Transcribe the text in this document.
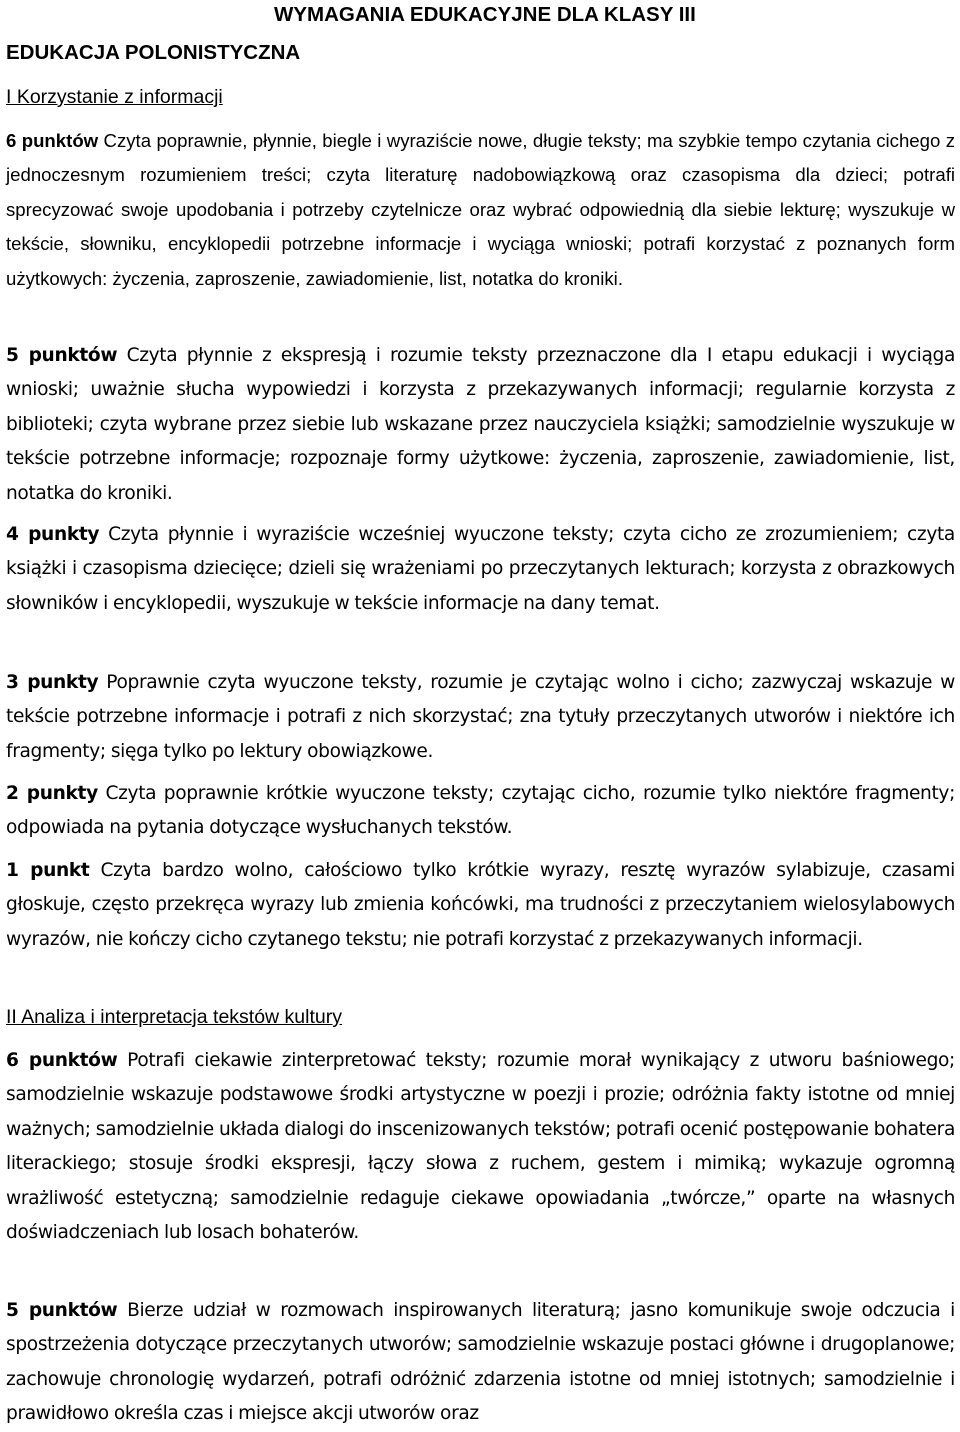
WYMAGANIA EDUKACYJNE DLA KLASY III
EDUKACJA POLONISTYCZNA
I Korzystanie z informacji

6 punktów Czyta poprawnie, płynnie, biegle i wyraziście nowe, długie teksty; ma szybkie tempo czytania cichego z jednoczesnym rozumieniem treści; czyta literaturę nadobowiązkową oraz czasopisma dla dzieci; potrafi sprecyzować swoje upodobania i potrzeby czytelnicze oraz wybrać odpowiednią dla siebie lekturę; wyszukuje w tekście, słowniku, encyklopedii potrzebne informacje i wyciąga wnioski; potrafi korzystać z poznanych form użytkowych: życzenia, zaproszenie, zawiadomienie, list, notatka do kroniki.

5 punktów Czyta płynnie z ekspresją i rozumie teksty przeznaczone dla I etapu edukacji i wyciąga wnioski; uważnie słucha wypowiedzi i korzysta z przekazywanych informacji; regularnie korzysta z biblioteki; czyta wybrane przez siebie lub wskazane przez nauczyciela książki; samodzielnie wyszukuje w tekście potrzebne informacje; rozpoznaje formy użytkowe: życzenia, zaproszenie, zawiadomienie, list, notatka do kroniki.

4 punkty Czyta płynnie i wyraziście wcześniej wyuczone teksty; czyta cicho ze zrozumieniem; czyta książki i czasopisma dziecięce; dzieli się wrażeniami po przeczytanych lekturach; korzysta z obrazkowych słowników i encyklopedii, wyszukuje w tekście informacje na dany temat.

3 punkty Poprawnie czyta wyuczone teksty, rozumie je czytając wolno i cicho; zazwyczaj wskazuje w tekście potrzebne informacje i potrafi z nich skorzystać; zna tytuły przeczytanych utworów i niektóre ich fragmenty; sięga tylko po lektury obowiązkowe.

2 punkty Czyta poprawnie krótkie wyuczone teksty; czytając cicho, rozumie tylko niektóre fragmenty; odpowiada na pytania dotyczące wysłuchanych tekstów.

1 punkt Czyta bardzo wolno, całościowo tylko krótkie wyrazy, resztę wyrazów sylabizuje, czasami głoskuje, często przekręca wyrazy lub zmienia końcówki, ma trudności z przeczytaniem wielosylabowych wyrazów, nie kończy cicho czytanego tekstu; nie potrafi korzystać z przekazywanych informacji.

II Analiza i interpretacja tekstów kultury

6 punktów Potrafi ciekawie zinterpretować teksty; rozumie morał wynikający z utworu baśniowego; samodzielnie wskazuje podstawowe środki artystyczne w poezji i prozie; odróżnia fakty istotne od mniej ważnych; samodzielnie układa dialogi do inscenizowanych tekstów; potrafi ocenić postępowanie bohatera literackiego; stosuje środki ekspresji, łączy słowa z ruchem, gestem i mimiką; wykazuje ogromną wrażliwość estetyczną; samodzielnie redaguje ciekawe opowiadania „twórcze,” oparte na własnych doświadczeniach lub losach bohaterów.

5 punktów Bierze udział w rozmowach inspirowanych literaturą; jasno komunikuje swoje odczucia i spostrzeżenia dotyczące przeczytanych utworów; samodzielnie wskazuje postaci główne i drugoplanowe; zachowuje chronologię wydarzeń, potrafi odróżnić zdarzenia istotne od mniej istotnych; samodzielnie i prawidłowo określa czas i miejsce akcji utworów oraz
